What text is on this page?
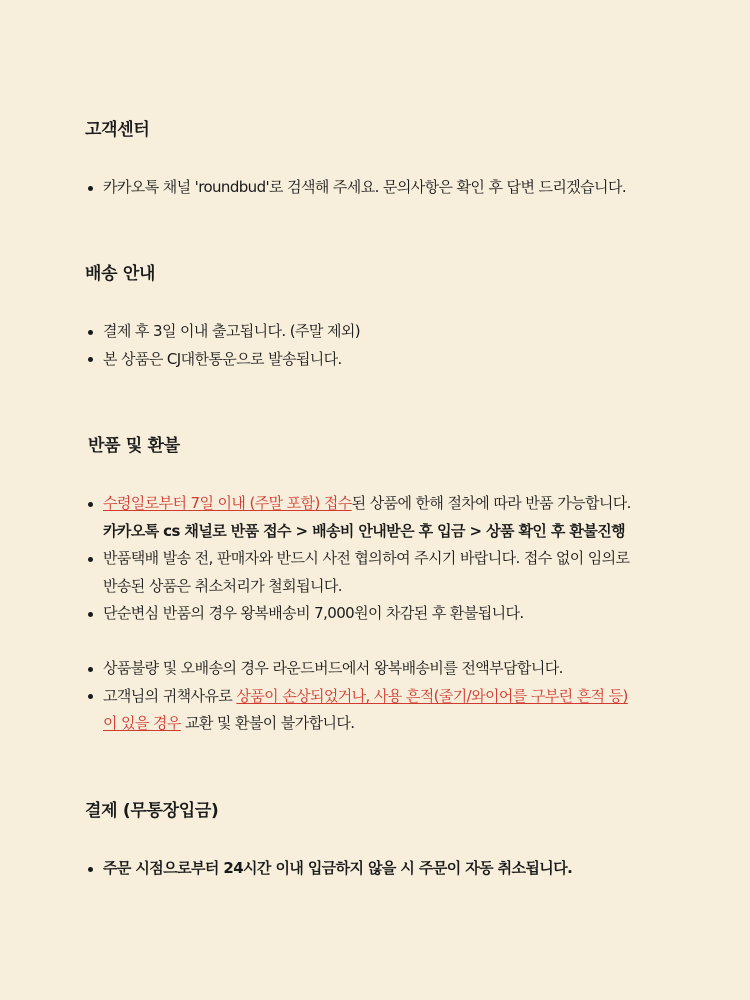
고객센터
카카오톡 채널 'roundbud'로 검색해 주세요. 문의사항은 확인 후 답변 드리겠습니다.
배송 안내
결제 후 3일 이내 출고됩니다. (주말 제외)
본 상품은 CJ대한통운으로 발송됩니다.
반품 및 환불
수령일로부터 7일 이내 (주말 포함) 접수된 상품에 한해 절차에 따라 반품 가능합니다.
카카오톡 cs 채널로 반품 접수 > 배송비 안내받은 후 입금 > 상품 확인 후 환불진행
반품택배 발송 전, 판매자와 반드시 사전 협의하여 주시기 바랍니다. 접수 없이 임의로
반송된 상품은 취소처리가 철회됩니다.
단순변심 반품의 경우 왕복배송비 7,000원이 차감된 후 환불됩니다.
상품불량 및 오배송의 경우 라운드버드에서 왕복배송비를 전액부담합니다.
고객님의 귀책사유로 상품이 손상되었거나, 사용 흔적(줄기/와이어를 구부린 흔적 등)
이 있을 경우 교환 및 환불이 불가합니다.
결제 (무통장입금)
주문 시점으로부터 24시간 이내 입금하지 않을 시 주문이 자동 취소됩니다.
